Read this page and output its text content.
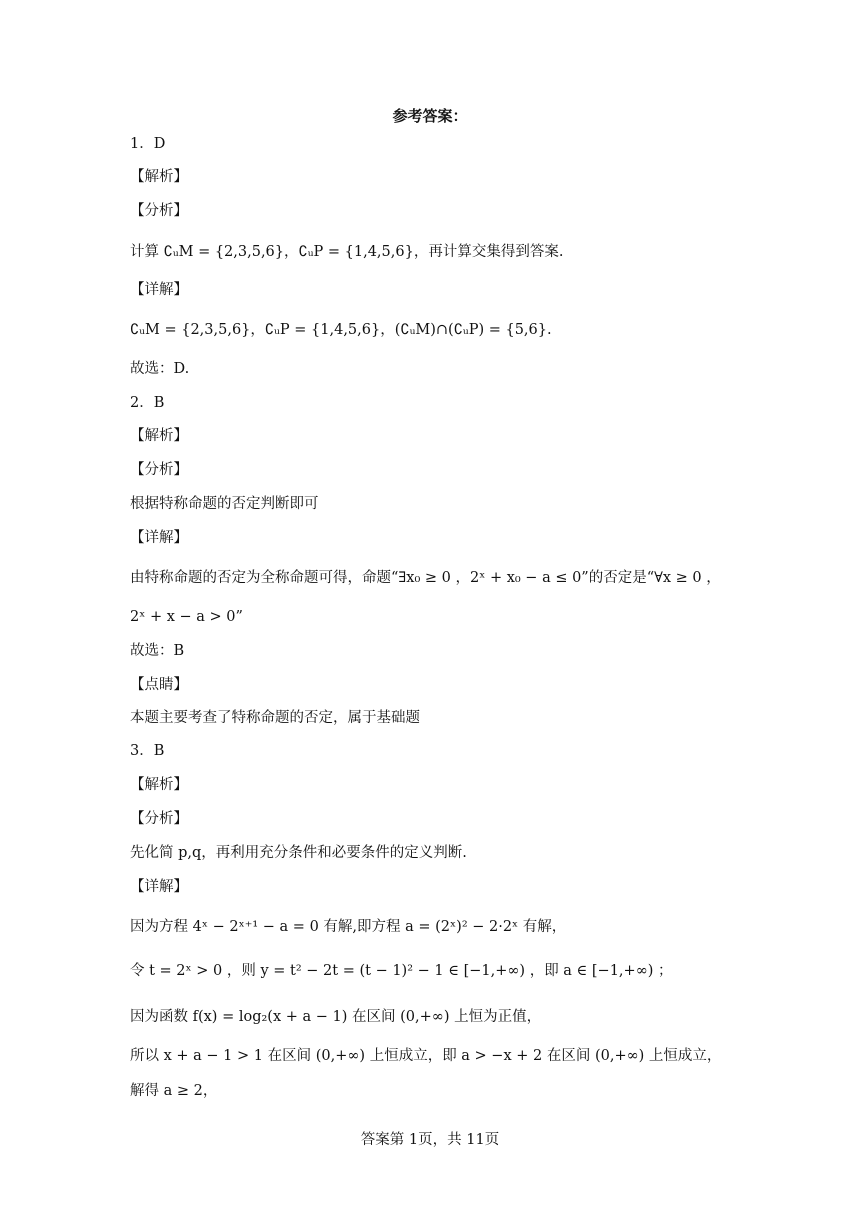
参考答案：
1．D
【解析】
【分析】
计算 ∁ᵤM = {2,3,5,6}，∁ᵤP = {1,4,5,6}，再计算交集得到答案.
【详解】
∁ᵤM = {2,3,5,6}，∁ᵤP = {1,4,5,6}，(∁ᵤM)∩(∁ᵤP) = {5,6}.
故选：D.
2．B
【解析】
【分析】
根据特称命题的否定判断即可
【详解】
由特称命题的否定为全称命题可得，命题“∃x₀ ≥ 0 ，2ˣ + x₀ − a ≤ 0”的否定是“∀x ≥ 0 ，
2ˣ + x − a > 0”
故选：B
【点睛】
本题主要考查了特称命题的否定，属于基础题
3．B
【解析】
【分析】
先化简 p,q，再利用充分条件和必要条件的定义判断.
【详解】
因为方程 4ˣ − 2ˣ⁺¹ − a = 0 有解,即方程 a = (2ˣ)² − 2·2ˣ 有解，
令 t = 2ˣ > 0 ，则 y = t² − 2t = (t − 1)² − 1 ∈ [−1,+∞) ，即 a ∈ [−1,+∞) ；
因为函数 f(x) = log₂(x + a − 1) 在区间 (0,+∞) 上恒为正值，
所以 x + a − 1 > 1 在区间 (0,+∞) 上恒成立，即 a > −x + 2 在区间 (0,+∞) 上恒成立，
解得 a ≥ 2，
答案第 1页，共 11页
